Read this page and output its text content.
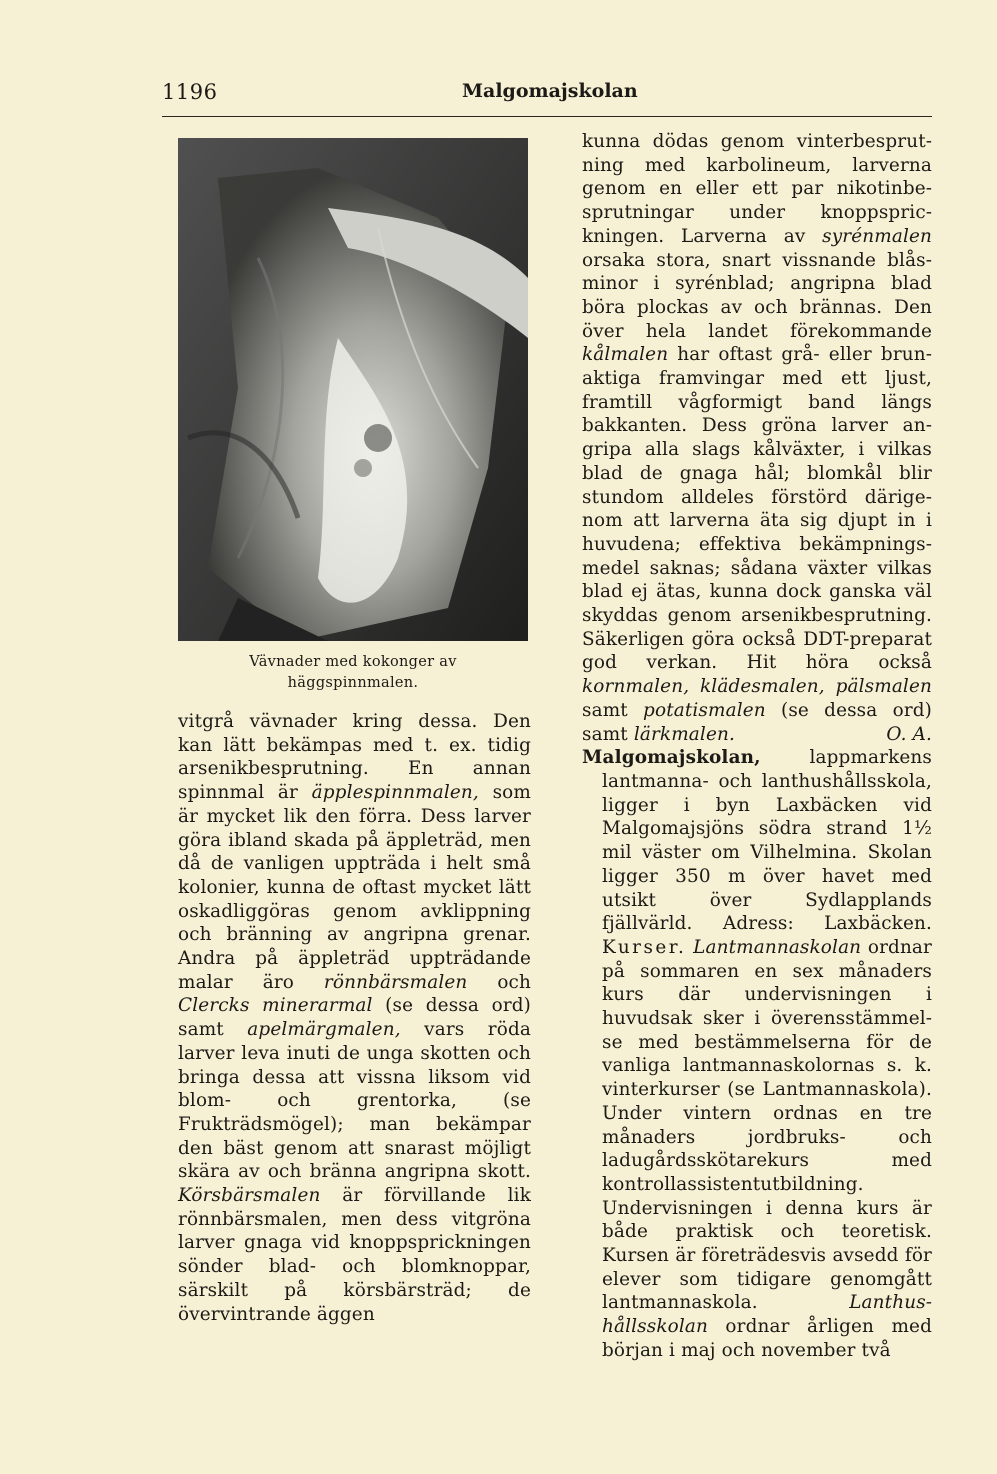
1196	Malgomajskolan
Vävnader med kokonger av
häggspinnmalen.

vitgrå vävnader kring dessa. Den kan lätt bekämpas med t. ex. tidig arsenikbesprutning. En annan spinnmal är äpplespinnmalen, som är mycket lik den förra. Dess larver göra ibland skada på äppleträd, men då de vanligen uppträda i helt små kolonier, kunna de oftast mycket lätt oskadliggöras genom avklippning och bränning av angripna grenar. Andra på äppleträd uppträdande malar äro rönnbärsmalen och Clercks minerarmal (se dessa ord) samt apelmärgmalen, vars röda larver leva inuti de unga skotten och bringa dessa att vissna liksom vid blom- och grentorka, (se Frukträdsmögel); man bekämpar den bäst genom att snarast möjligt skära av och bränna angripna skott. Körsbärsmalen är förvillande lik rönnbärsmalen, men dess vitgröna larver gnaga vid knoppsprickningen sönder blad- och blomknoppar, särskilt på körsbärsträd; de övervintrande äggen

kunna dödas genom vinterbesprutning med karbolineum, larverna genom en eller ett par nikotinbesprutningar under knoppsprickningen. Larverna av syrénmalen orsaka stora, snart vissnande blåsminor i syrénblad; angripna blad böra plockas av och brännas. Den över hela landet förekommande kålmalen har oftast grå- eller brunaktiga framvingar med ett ljust, framtill vågformigt band längs bakkanten. Dess gröna larver angripa alla slags kålväxter, i vilkas blad de gnaga hål; blomkål blir stundom alldeles förstörd därigenom att larverna äta sig djupt in i huvudena; effektiva bekämpningsmedel saknas; sådana växter vilkas blad ej ätas, kunna dock ganska väl skyddas genom arsenikbesprutning. Säkerligen göra också DDT-preparat god verkan. Hit höra också kornmalen, klädesmalen, pälsmalen samt potatismalen (se dessa ord) samt lärkmalen.	O. A.

Malgomajskolan, lappmarkens lantmanna- och lanthushållsskola, ligger i byn Laxbäcken vid Malgomajsjöns södra strand 1½ mil väster om Vilhelmina. Skolan ligger 350 m över havet med utsikt över Sydlapplands fjällvärld. Adress: Laxbäcken. Kurser. Lantmannaskolan ordnar på sommaren en sex månaders kurs där undervisningen i huvudsak sker i överensstämmelse med bestämmelserna för de vanliga lantmannaskolornas s. k. vinterkurser (se Lantmannaskola). Under vintern ordnas en tre månaders jordbruks- och ladugårdsskötarekurs med kontrollassistentutbildning. Undervisningen i denna kurs är både praktisk och teoretisk. Kursen är företrädesvis avsedd för elever som tidigare genomgått lantmannaskola. Lanthushållsskolan ordnar årligen med början i maj och november två
